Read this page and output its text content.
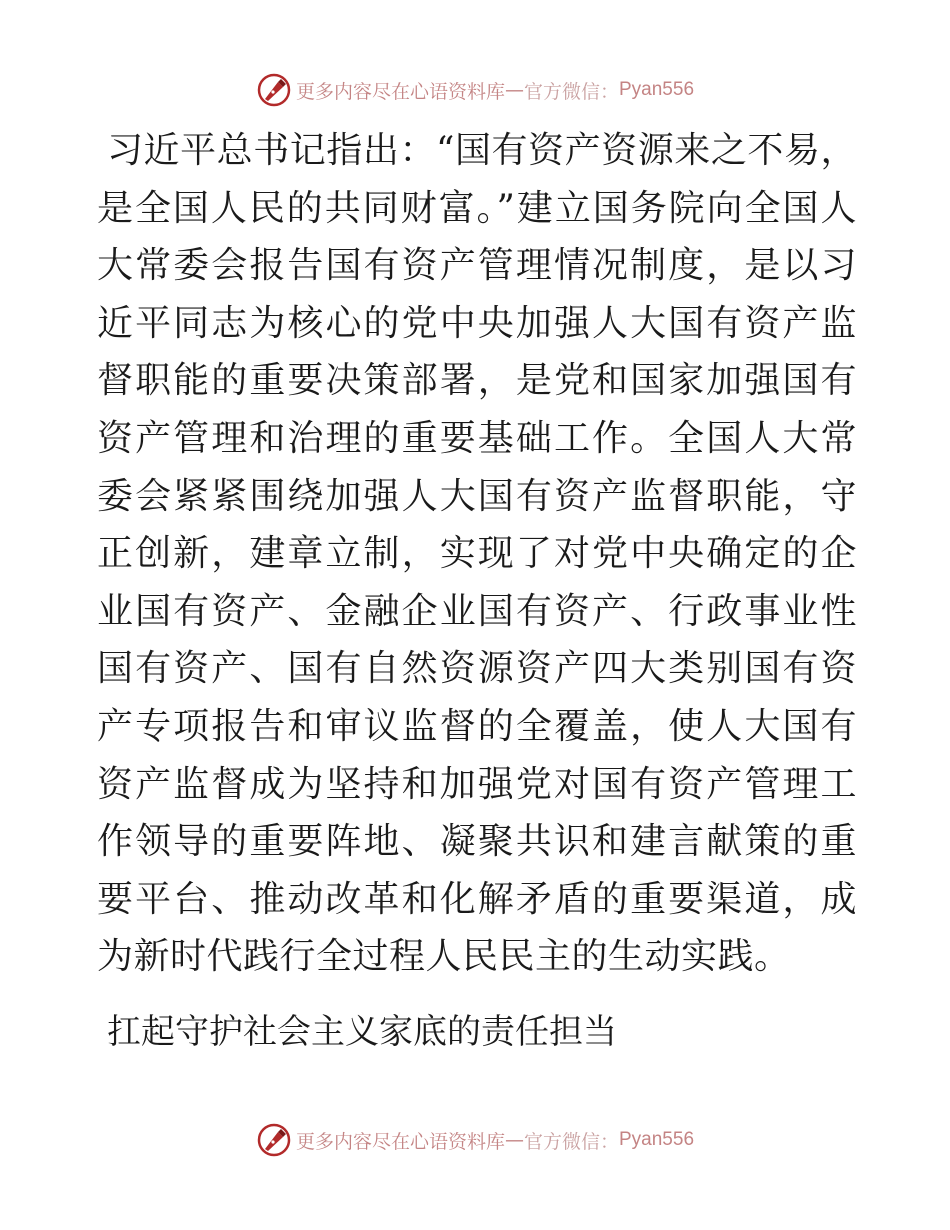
更多内容尽在心语资料库 — 官方微信： Pyan556

习近平总书记指出：“国有资产资源来之不易，是全国人民的共同财富。”建立国务院向全国人大常委会报告国有资产管理情况制度，是以习近平同志为核心的党中央加强人大国有资产监督职能的重要决策部署，是党和国家加强国有资产管理和治理的重要基础工作。全国人大常委会紧紧围绕加强人大国有资产监督职能，守正创新，建章立制，实现了对党中央确定的企业国有资产、金融企业国有资产、行政事业性国有资产、国有自然资源资产四大类别国有资产专项报告和审议监督的全覆盖，使人大国有资产监督成为坚持和加强党对国有资产管理工作领导的重要阵地、凝聚共识和建言献策的重要平台、推动改革和化解矛盾的重要渠道，成为新时代践行全过程人民民主的生动实践。

扛起守护社会主义家底的责任担当
更多内容尽在心语资料库 — 官方微信： Pyan556
